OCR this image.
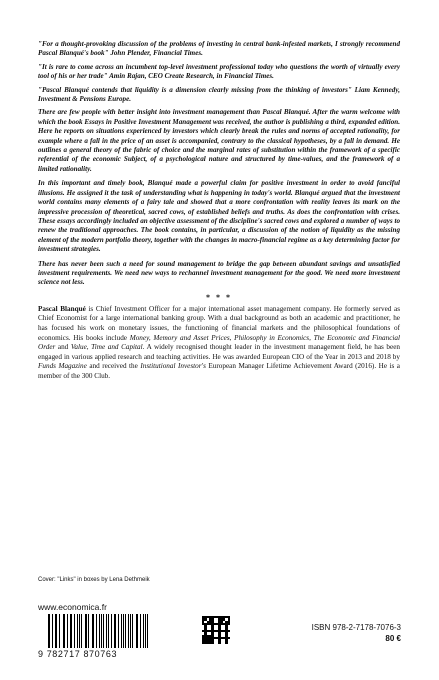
"For a thought-provoking discussion of the problems of investing in central bank-infested markets, I strongly recommend Pascal Blanqué's book" John Plender, Financial Times.

"It is rare to come across an incumbent top-level investment professional today who questions the worth of virtually every tool of his or her trade" Amin Rajan, CEO Create Research, in Financial Times.

"Pascal Blanqué contends that liquidity is a dimension clearly missing from the thinking of investors" Liam Kennedy, Investment & Pensions Europe.

There are few people with better insight into investment management than Pascal Blanqué. After the warm welcome with which the book Essays in Positive Investment Management was received, the author is publishing a third, expanded edition. Here he reports on situations experienced by investors which clearly break the rules and norms of accepted rationality, for example where a fall in the price of an asset is accompanied, contrary to the classical hypotheses, by a fall in demand. He outlines a general theory of the fabric of choice and the marginal rates of substitution within the framework of a specific referential of the economic Subject, of a psychological nature and structured by time-values, and the framework of a limited rationality.

In this important and timely book, Blanqué made a powerful claim for positive investment in order to avoid fanciful illusions. He assigned it the task of understanding what is happening in today's world. Blanqué argued that the investment world contains many elements of a fairy tale and showed that a more confrontation with reality leaves its mark on the impressive procession of theoretical, sacred cows, of established beliefs and truths. As does the confrontation with crises. These essays accordingly included an objective assessment of the discipline's sacred cows and explored a number of ways to renew the traditional approaches. The book contains, in particular, a discussion of the notion of liquidity as the missing element of the modern portfolio theory, together with the changes in macro-financial regime as a key determining factor for investment strategies.

There has never been such a need for sound management to bridge the gap between abundant savings and unsatisfied investment requirements. We need new ways to rechannel investment management for the good. We need more investment science not less.

* * *

Pascal Blanqué is Chief Investment Officer for a major international asset management company. He formerly served as Chief Economist for a large international banking group. With a dual background as both an academic and practitioner, he has focused his work on monetary issues, the functioning of financial markets and the philosophical foundations of economics. His books include Money, Memory and Asset Prices, Philosophy in Economics, The Economic and Financial Order and Value, Time and Capital. A widely recognised thought leader in the investment management field, he has been engaged in various applied research and teaching activities. He was awarded European CIO of the Year in 2013 and 2018 by Funds Magazine and received the Institutional Investor's European Manager Lifetime Achievement Award (2016). He is a member of the 300 Club.

Cover: "Links" in boxes by Lena Dethmeik
www.economica.fr
9 782717 870763
ISBN 978-2-7178-7076-3
80 €
